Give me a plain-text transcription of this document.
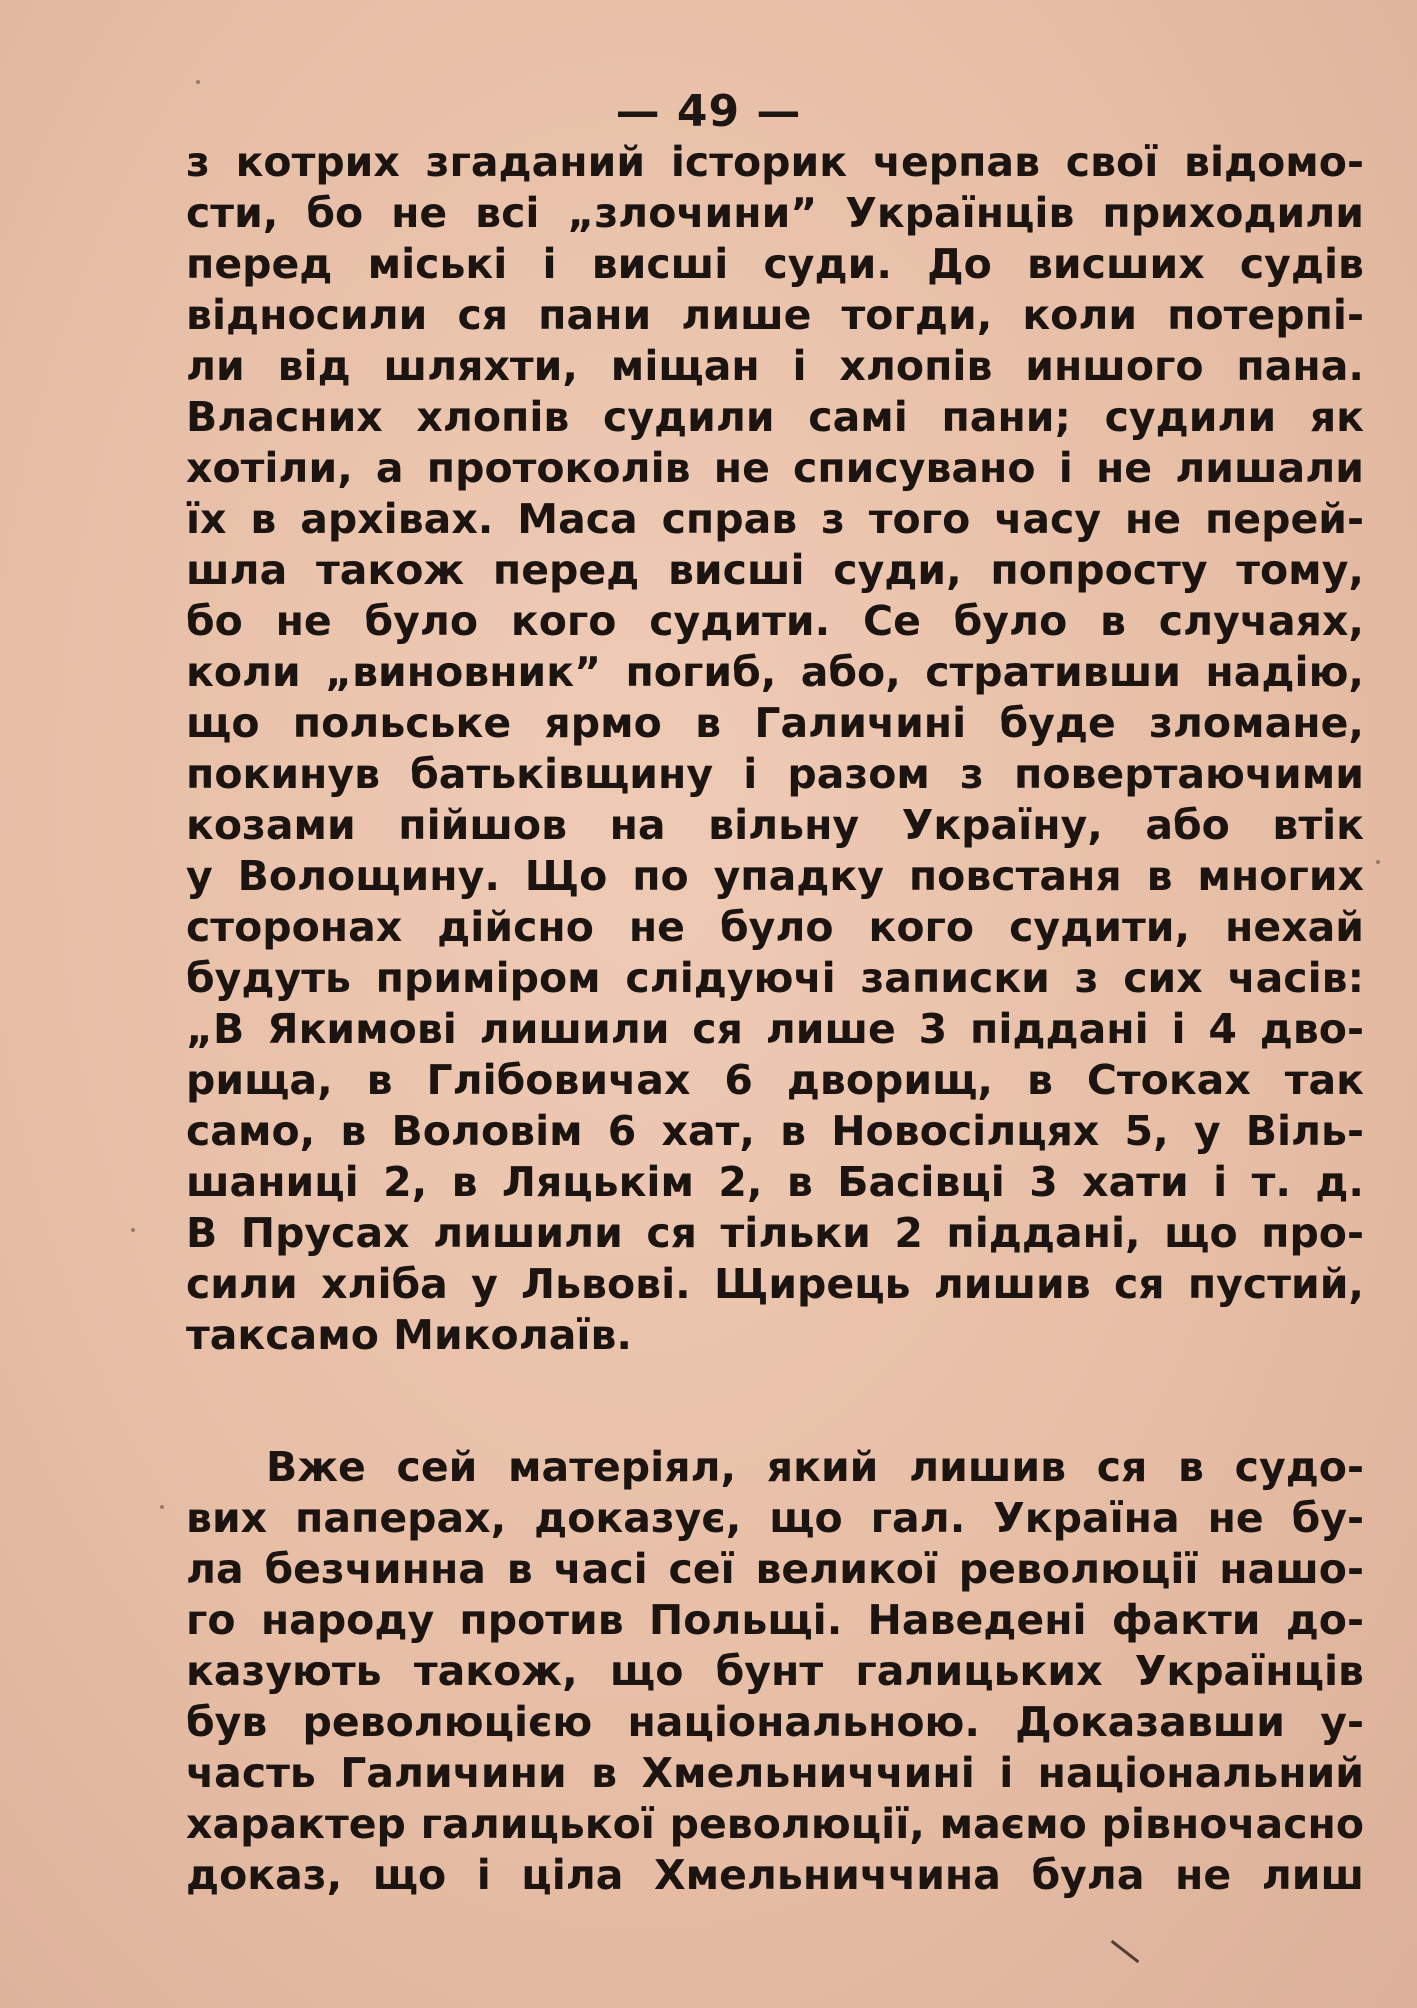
— 49 —
з котрих згаданий історик черпав свої відомо-
сти, бо не всі „злочини” Українців приходили
перед міські і висші суди. До висших судів
відносили ся пани лише тогди, коли потерпі-
ли від шляхти, міщан і хлопів иншого пана.
Власних хлопів судили самі пани; судили як
хотіли, а протоколів не списувано і не лишали
їх в архівах. Маса справ з того часу не перей-
шла також перед висші суди, попросту тому,
бо не було кого судити. Сe було в случаях,
коли „виновник” погиб, або, стративши надію,
що польське ярмо в Галичині буде зломане,
покинув батьківщину і разом з повертаючими
козами пійшов на вільну Україну, або втік
у Волощину. Що по упадку повстаня в многих
сторонах дійсно не було кого судити, нехай
будуть приміром слідуючі записки з сих часів:
„В Якимові лишили ся лише 3 піддані і 4 дво-
рища, в Глібовичах 6 дворищ, в Стоках так
само, в Воловім 6 хат, в Новосілцях 5, у Віль-
шаниці 2, в Ляцькім 2, в Басівці 3 хати і т. д.
В Прусах лишили ся тільки 2 піддані, що про-
сили хліба у Львові. Щирець лишив ся пустий,
таксамо Миколаїв.
Вже сей матеріял, який лишив ся в судо-
вих паперах, доказує, що гал. Україна не бу-
ла безчинна в часі сеї великої революції нашо-
го народу против Польщі. Наведені факти до-
казують також, що бунт галицьких Українців
був революцією національною. Доказавши у-
часть Галичини в Хмельниччині і національний
характер галицької революції, маємо рівночасно
доказ, що і ціла Хмельниччина була не лиш
